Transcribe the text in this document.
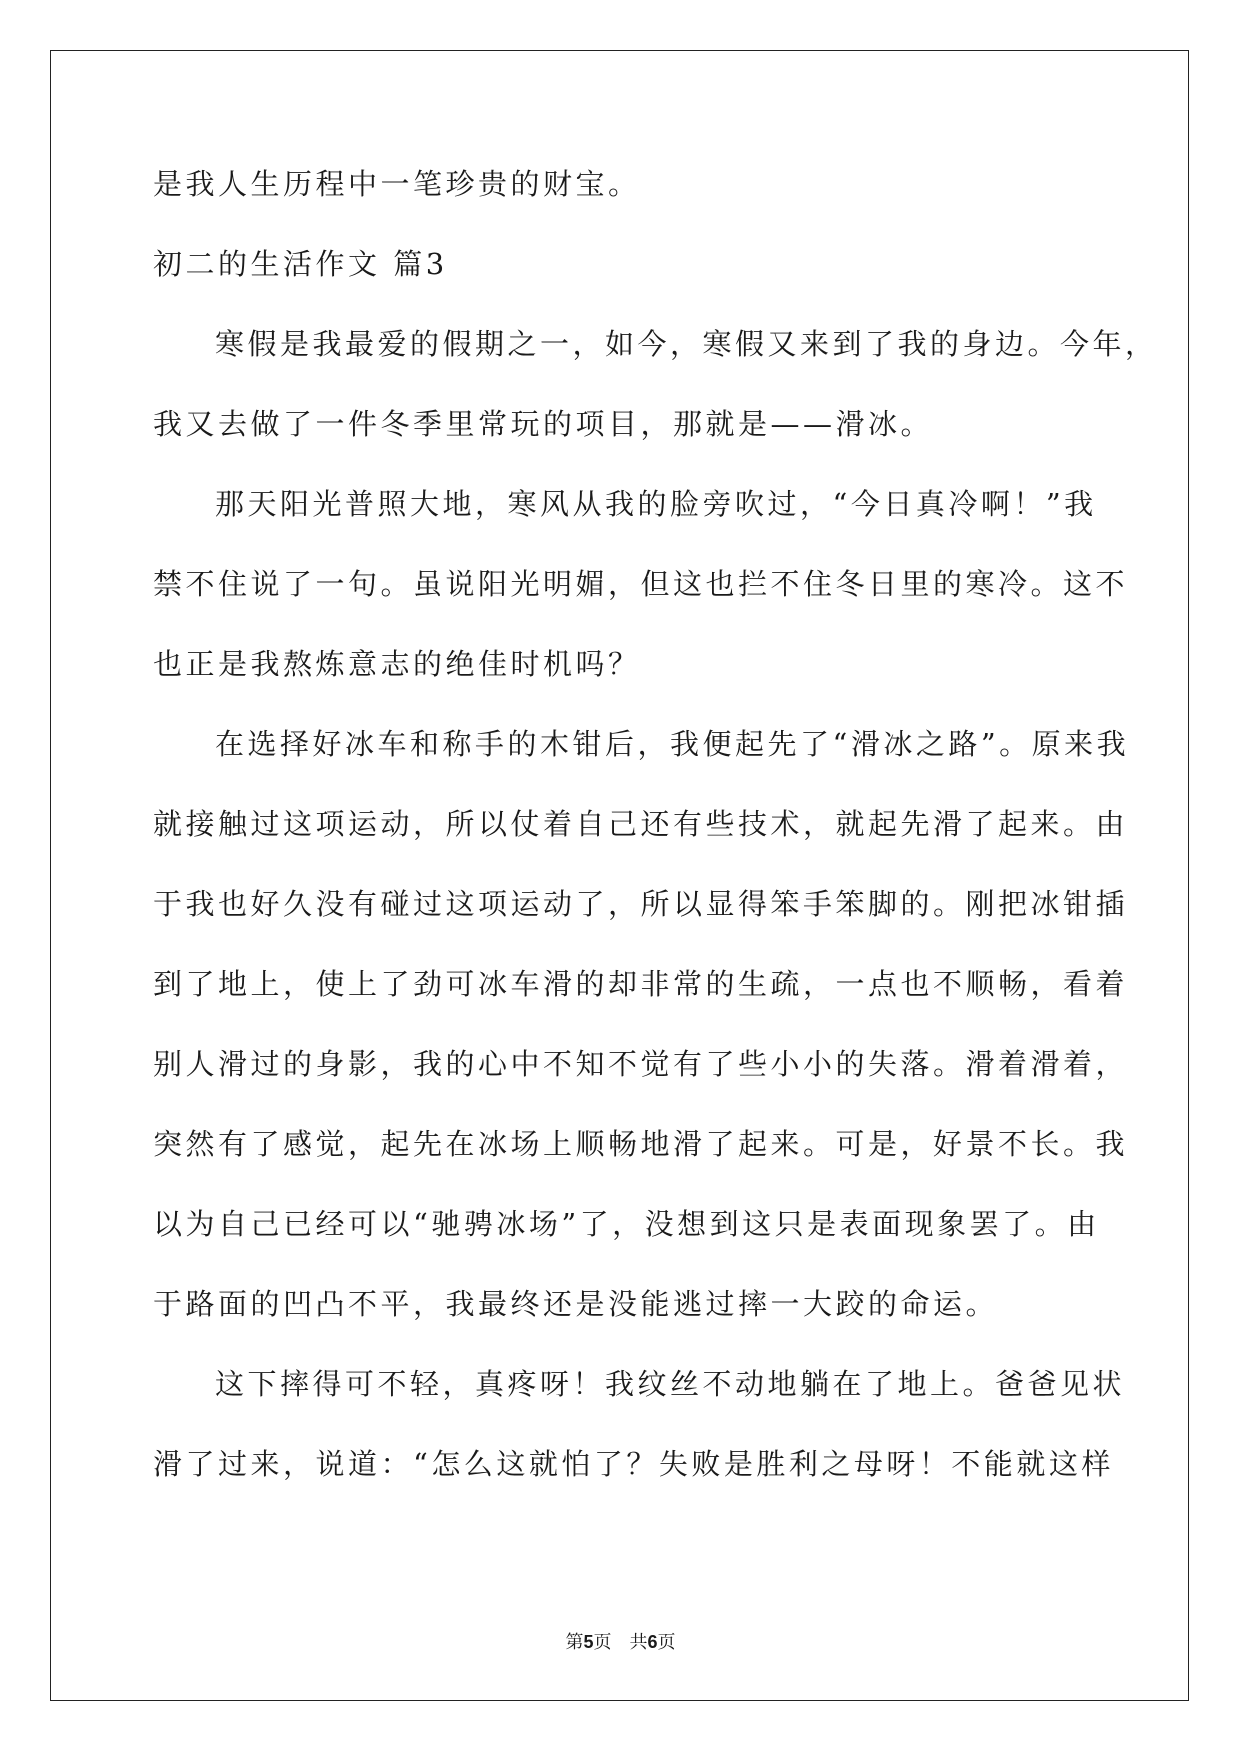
是我人生历程中一笔珍贵的财宝。
初二的生活作文 篇3
寒假是我最爱的假期之一，如今，寒假又来到了我的身边。今年，
我又去做了一件冬季里常玩的项目，那就是——滑冰。
那天阳光普照大地，寒风从我的脸旁吹过，“今日真冷啊！”我
禁不住说了一句。虽说阳光明媚，但这也拦不住冬日里的寒冷。这不
也正是我熬炼意志的绝佳时机吗？
在选择好冰车和称手的木钳后，我便起先了“滑冰之路”。原来我
就接触过这项运动，所以仗着自己还有些技术，就起先滑了起来。由
于我也好久没有碰过这项运动了，所以显得笨手笨脚的。刚把冰钳插
到了地上，使上了劲可冰车滑的却非常的生疏，一点也不顺畅，看着
别人滑过的身影，我的心中不知不觉有了些小小的失落。滑着滑着，
突然有了感觉，起先在冰场上顺畅地滑了起来。可是，好景不长。我
以为自己已经可以“驰骋冰场”了，没想到这只是表面现象罢了。由
于路面的凹凸不平，我最终还是没能逃过摔一大跤的命运。
这下摔得可不轻，真疼呀！我纹丝不动地躺在了地上。爸爸见状
滑了过来，说道：“怎么这就怕了？失败是胜利之母呀！不能就这样
第5页　共6页
